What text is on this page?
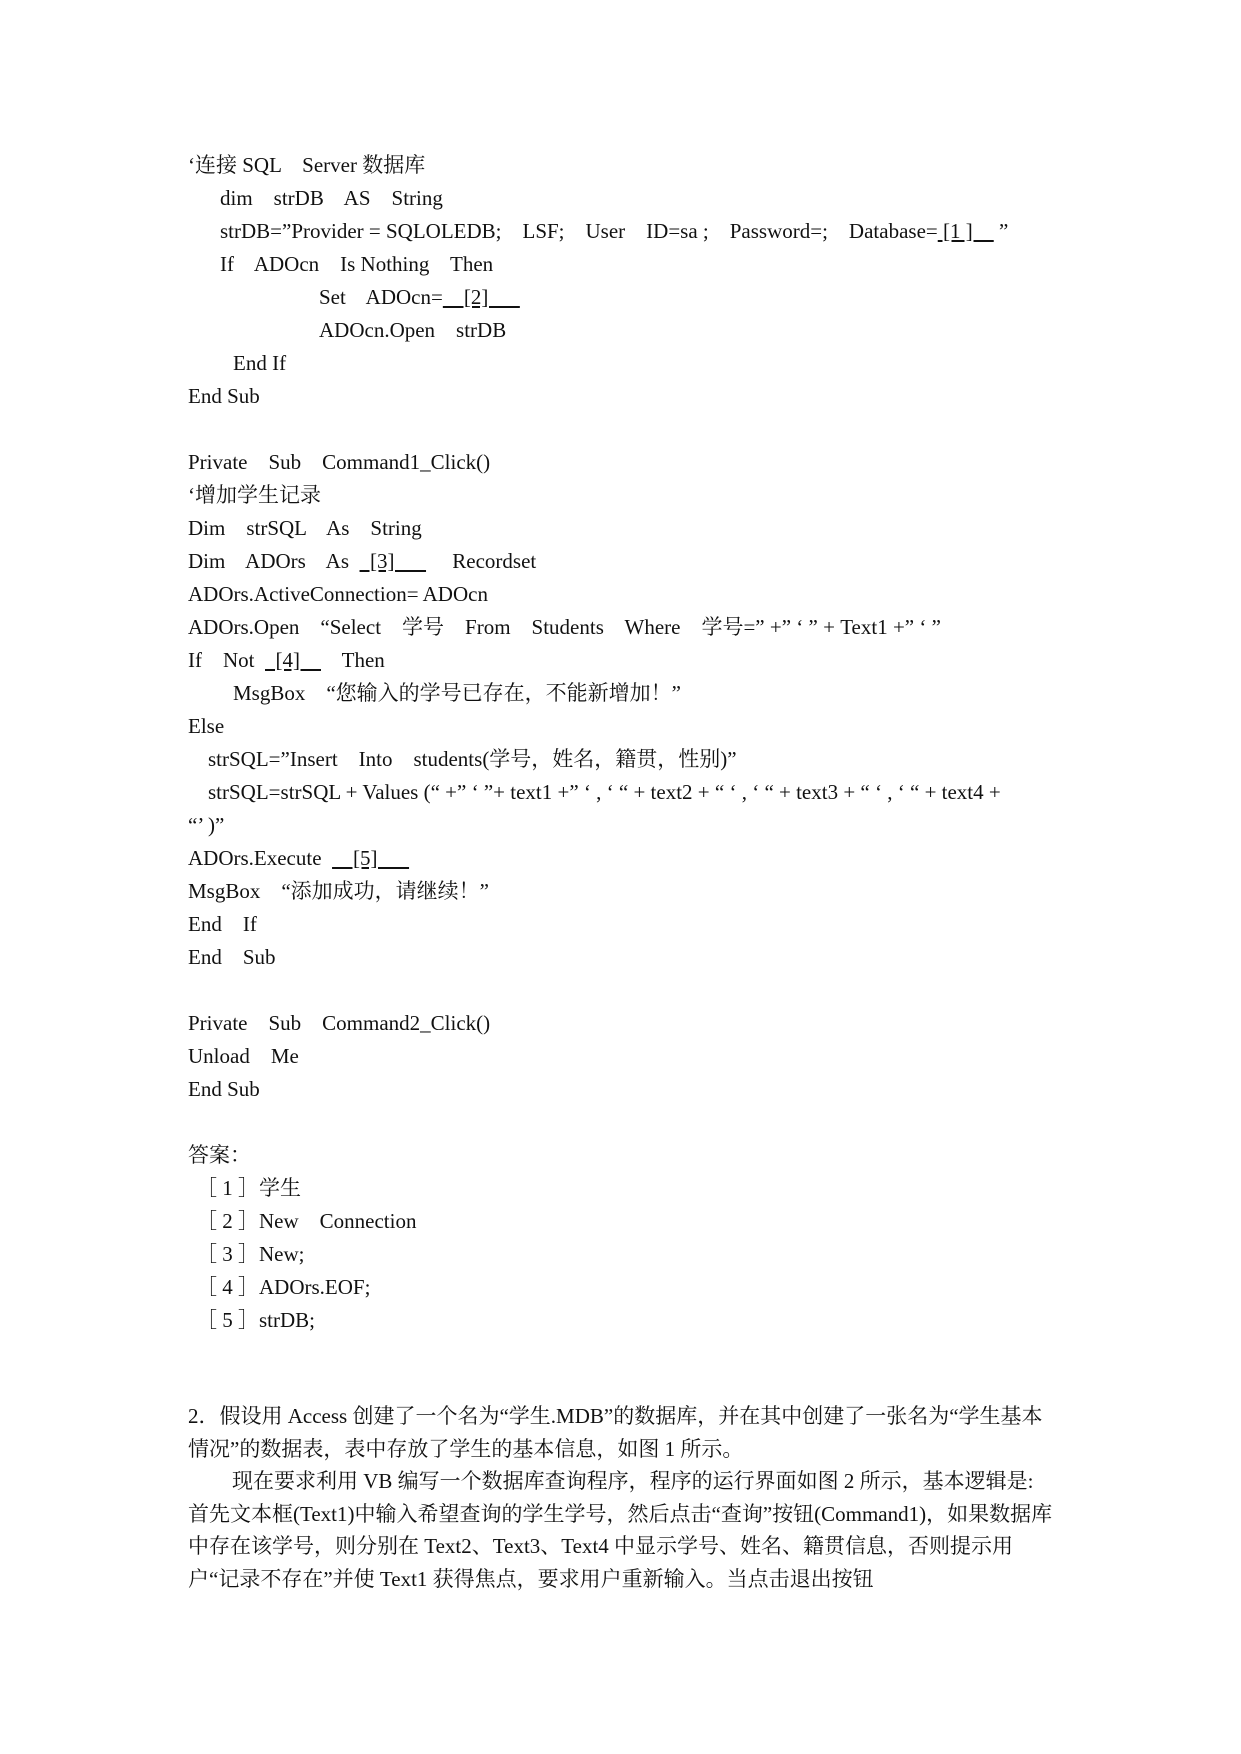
‘连接 SQL    Server 数据库
dim    strDB    AS    String
strDB=”Provider = SQLOLEDB;    LSF;    User    ID=sa ;    Password=;    Database= [1 ]     ”
If    ADOcn    Is Nothing    Then
Set    ADOcn=    [2]
ADOcn.Open    strDB
End If
End Sub
Private    Sub    Command1_Click()
‘增加学生记录
Dim    strSQL    As    String
Dim    ADOrs    As    [3]           Recordset
ADOrs.ActiveConnection= ADOcn
ADOrs.Open    “Select    学号    From    Students    Where    学号=” +” ‘ ” + Text1 +” ‘ ”
If    Not    [4]        Then
MsgBox    “您输入的学号已存在，不能新增加！”
Else
strSQL=”Insert    Into    students(学号，姓名，籍贯，性别)”
strSQL=strSQL + Values (“ +” ‘ ”+ text1 +” ‘ , ‘ “ + text2 + “ ‘ , ‘ “ + text3 + “ ‘ , ‘ “ + text4 +
“’ )”
ADOrs.Execute      [5]
MsgBox    “添加成功，请继续！”
End    If
End    Sub
Private    Sub    Command2_Click()
Unload    Me
End Sub
答案：
［ 1 ］学生
［ 2 ］New    Connection
［ 3 ］New;
［ 4 ］ADOrs.EOF;
［ 5 ］strDB;
2．假设用 Access 创建了一个名为“学生.MDB”的数据库，并在其中创建了一张名为“学生基本情况”的数据表，表中存放了学生的基本信息，如图 1 所示。
现在要求利用 VB 编写一个数据库查询程序，程序的运行界面如图 2 所示，基本逻辑是:首先文本框(Text1)中输入希望查询的学生学号，然后点击“查询”按钮(Command1)，如果数据库中存在该学号，则分别在 Text2、Text3、Text4 中显示学号、姓名、籍贯信息，否则提示用户“记录不存在”并使 Text1 获得焦点，要求用户重新输入。当点击退出按钮
